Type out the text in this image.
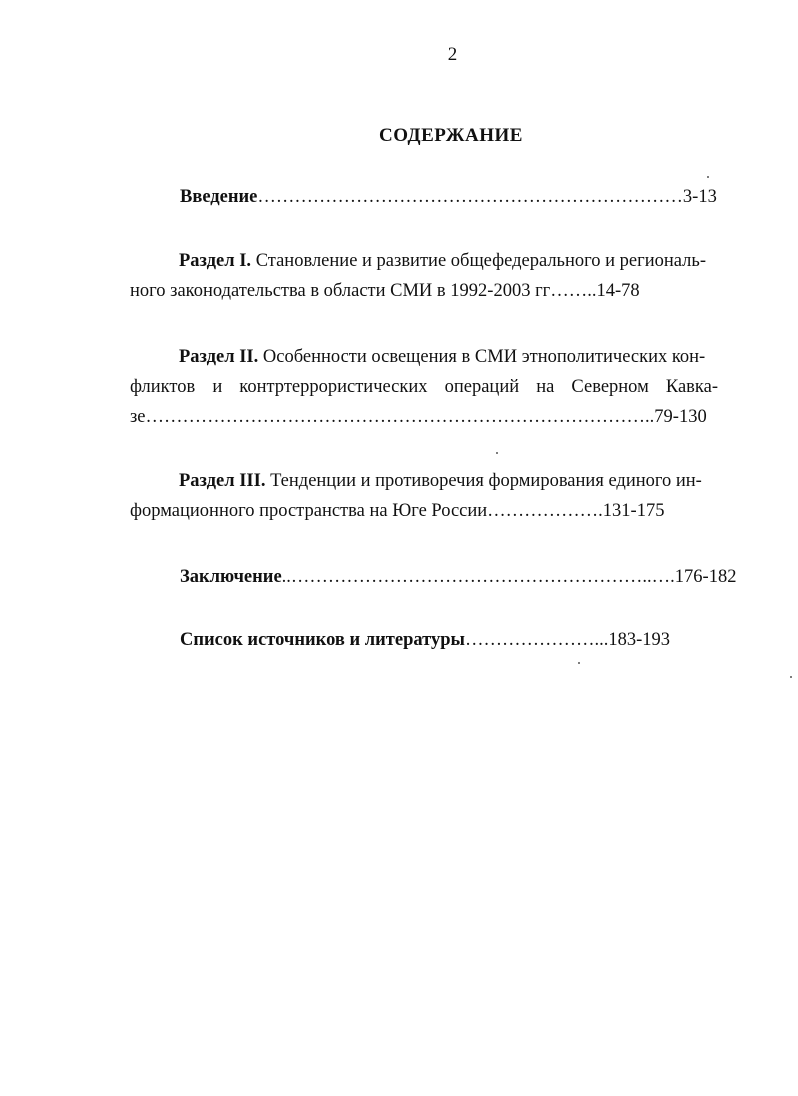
2
СОДЕРЖАНИЕ
Введение……………………………………………………………3-13
Раздел I. Становление и развитие общефедерального и региональ-
ного законодательства в области СМИ в 1992-2003 гг……..14-78
Раздел II. Особенности освещения в СМИ этнополитических кон-
фликтов и контртеррористических операций на Северном Кавка-
зе………………………………………………………………………..79-130
Раздел III. Тенденции и противоречия формирования единого ин-
формационного пространства на Юге России……………….131-175
Заключение..…………………………………………………..….176-182
Список источников и литературы…………………...183-193
